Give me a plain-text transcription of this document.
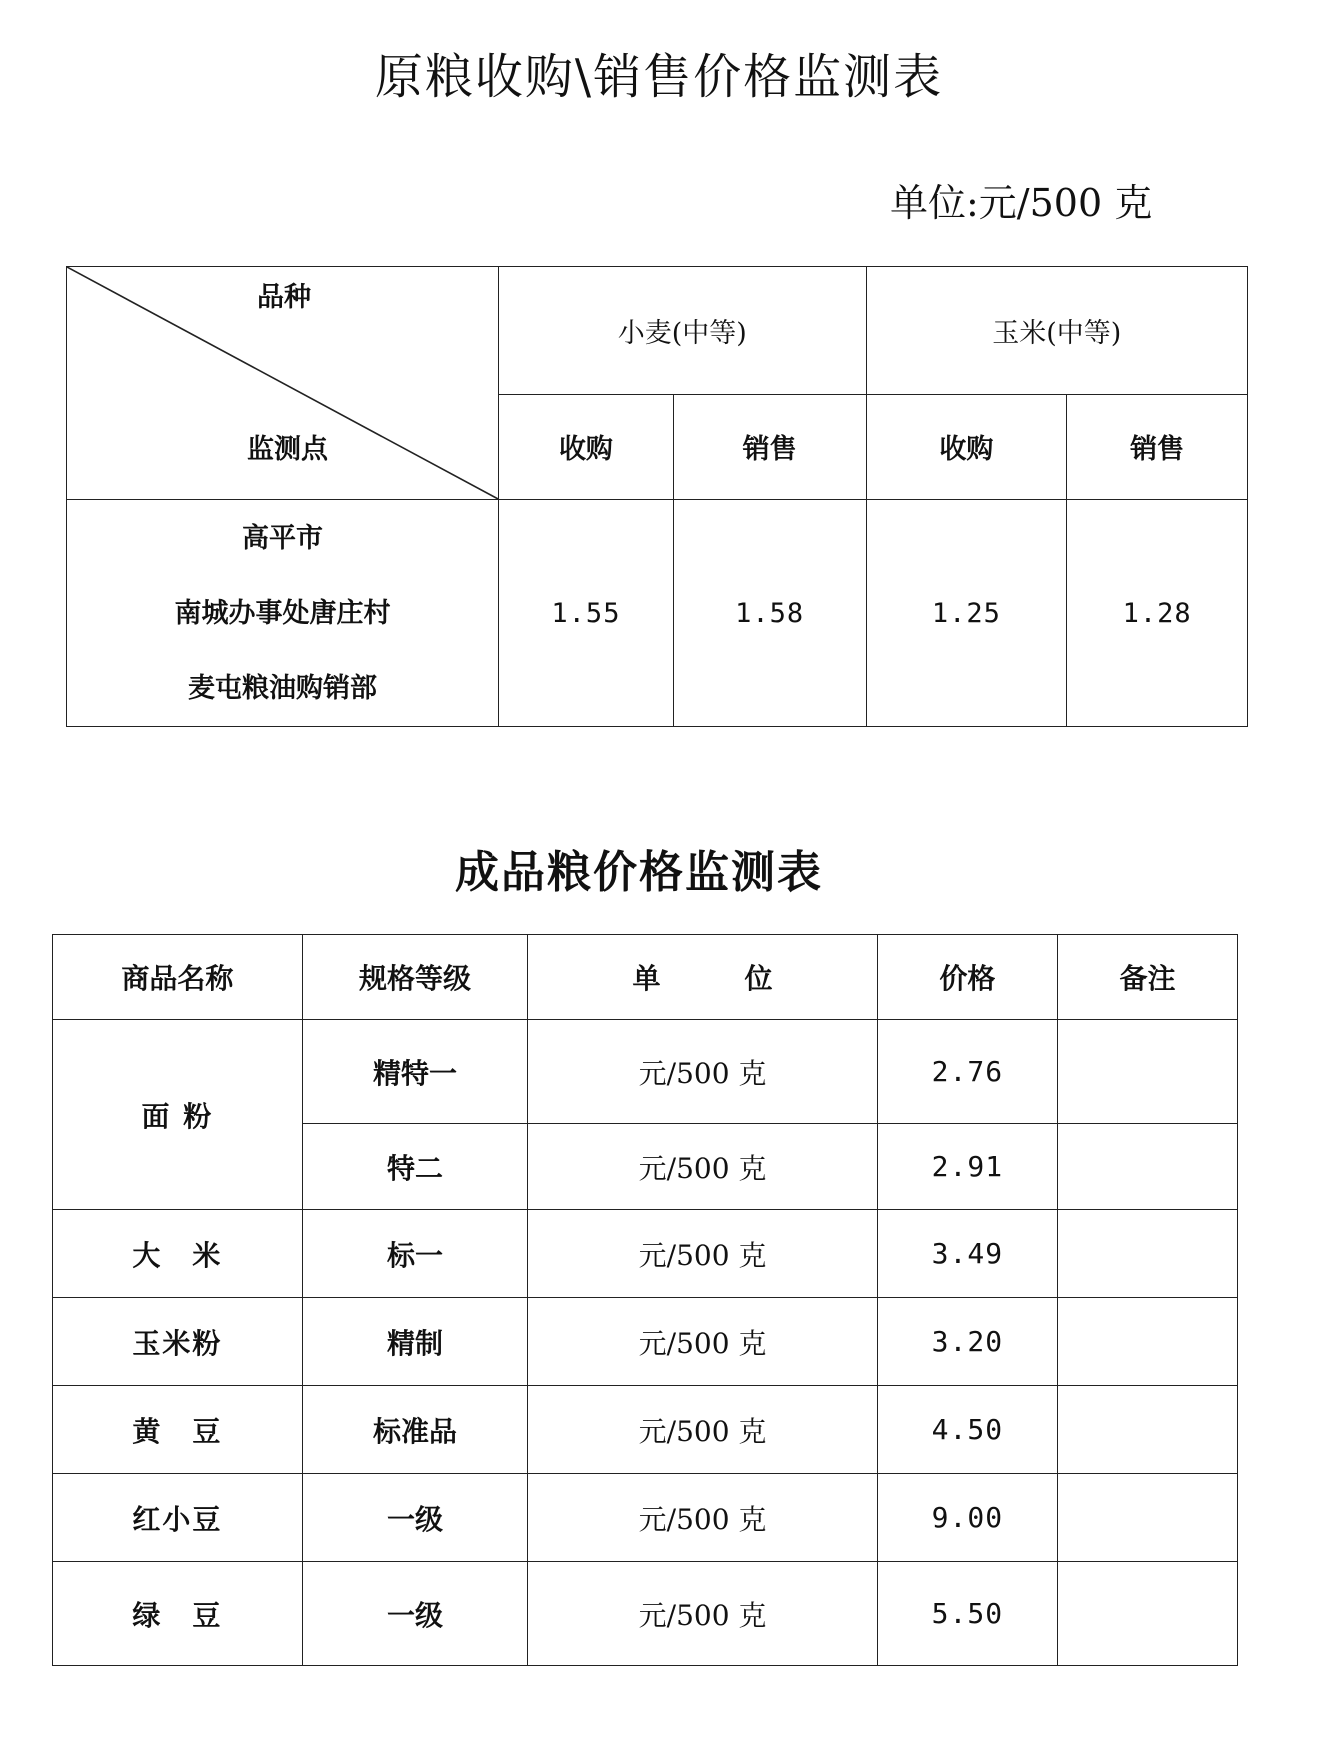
原粮收购\销售价格监测表
单位:元/500 克
品种
监测点	小麦(中等)		玉米(中等)	
	收购	销售	收购	销售

高平市
南城办事处唐庄村
麦屯粮油购销部	1.55	1.58	1.25	1.28
成品粮价格监测表
商品名称	规格等级	单　　　位	价格	备注
面 粉	精特一	元/500 克	2.76	
	特二	元/500 克	2.91	
大　米	标一	元/500 克	3.49	
玉米粉	精制	元/500 克	3.20	
黄　豆	标准品	元/500 克	4.50	
红小豆	一级	元/500 克	9.00	
绿　豆	一级	元/500 克	5.50	
